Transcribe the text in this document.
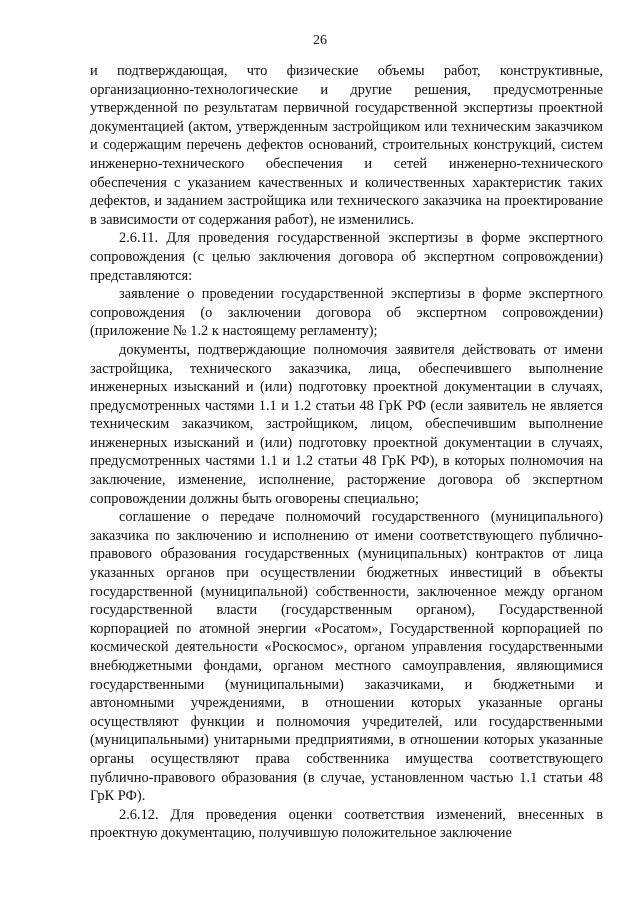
26

и подтверждающая, что физические объемы работ, конструктивные, организационно-технологические и другие решения, предусмотренные утвержденной по результатам первичной государственной экспертизы проектной документацией (актом, утвержденным застройщиком или техническим заказчиком и содержащим перечень дефектов оснований, строительных конструкций, систем инженерно-технического обеспечения и сетей инженерно-технического обеспечения с указанием качественных и количественных характеристик таких дефектов, и заданием застройщика или технического заказчика на проектирование в зависимости от содержания работ), не изменились.

2.6.11. Для проведения государственной экспертизы в форме экспертного сопровождения (с целью заключения договора об экспертном сопровождении) представляются:

заявление о проведении государственной экспертизы в форме экспертного сопровождения (о заключении договора об экспертном сопровождении) (приложение № 1.2 к настоящему регламенту);

документы, подтверждающие полномочия заявителя действовать от имени застройщика, технического заказчика, лица, обеспечившего выполнение инженерных изысканий и (или) подготовку проектной документации в случаях, предусмотренных частями 1.1 и 1.2 статьи 48 ГрК РФ (если заявитель не является техническим заказчиком, застройщиком, лицом, обеспечившим выполнение инженерных изысканий и (или) подготовку проектной документации в случаях, предусмотренных частями 1.1 и 1.2 статьи 48 ГрК РФ), в которых полномочия на заключение, изменение, исполнение, расторжение договора об экспертном сопровождении должны быть оговорены специально;

соглашение о передаче полномочий государственного (муниципального) заказчика по заключению и исполнению от имени соответствующего публично-правового образования государственных (муниципальных) контрактов от лица указанных органов при осуществлении бюджетных инвестиций в объекты государственной (муниципальной) собственности, заключенное между органом государственной власти (государственным органом), Государственной корпорацией по атомной энергии «Росатом», Государственной корпорацией по космической деятельности «Роскосмос», органом управления государственными внебюджетными фондами, органом местного самоуправления, являющимися государственными (муниципальными) заказчиками, и бюджетными и автономными учреждениями, в отношении которых указанные органы осуществляют функции и полномочия учредителей, или государственными (муниципальными) унитарными предприятиями, в отношении которых указанные органы осуществляют права собственника имущества соответствующего публично-правового образования (в случае, установленном частью 1.1 статьи 48 ГрК РФ).

2.6.12. Для проведения оценки соответствия изменений, внесенных в проектную документацию, получившую положительное заключение
